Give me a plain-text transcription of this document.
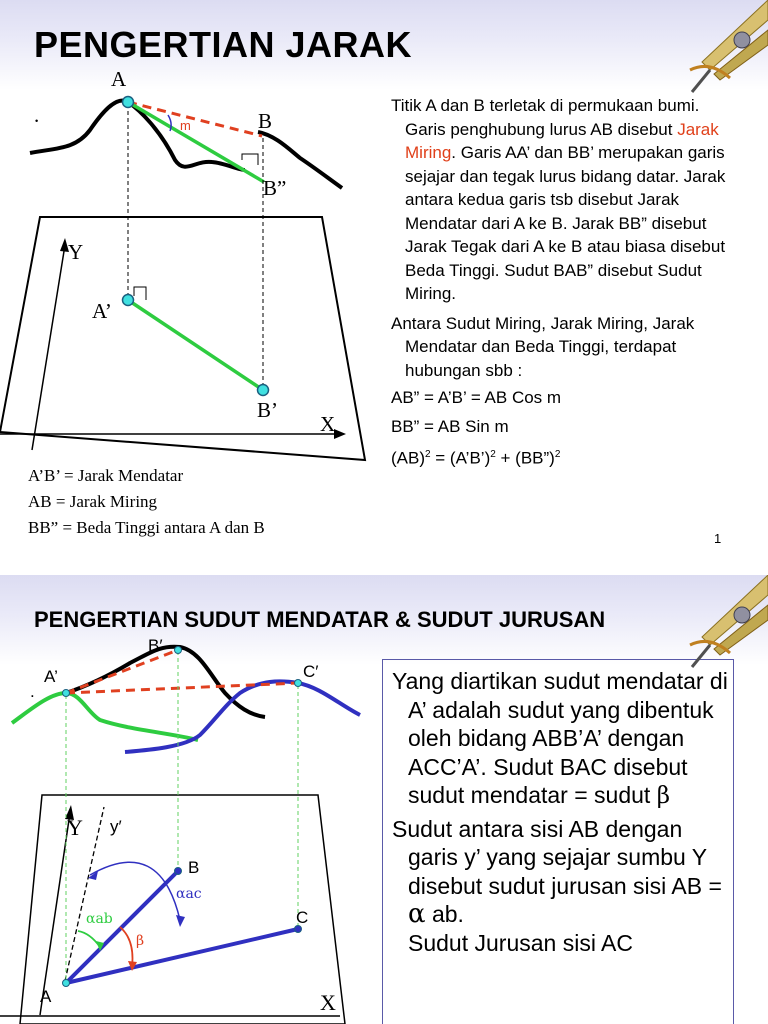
PENGERTIAN JARAK
A
B
B”
Y
A’
B’
X
.	m
A’B’ = Jarak Mendatar
AB = Jarak Miring
BB” = Beda Tinggi antara A dan B

Titik A dan B terletak di permukaan bumi. Garis penghubung lurus AB disebut Jarak Miring. Garis AA’ dan BB’ merupakan garis sejajar dan tegak lurus bidang datar. Jarak antara kedua garis tsb disebut Jarak Mendatar dari A ke B. Jarak BB” disebut Jarak Tegak dari A ke B atau biasa disebut Beda Tinggi. Sudut BAB” disebut Sudut Miring.

Antara Sudut Miring, Jarak Miring, Jarak Mendatar dan Beda Tinggi, terdapat hubungan sbb :

AB” = A’B’ = AB Cos m

BB” = AB Sin m

(AB)$^2$ = (A’B’)$^2$ + (BB”)$^2$

1
PENGERTIAN SUDUT MENDATAR & SUDUT JURUSAN
A’
B′
C′
y′
B
C
A
.
Y
X
αab
αac
β

Yang diartikan sudut mendatar di A’ adalah sudut yang dibentuk oleh bidang ABB’A’ dengan ACC’A’. Sudut BAC disebut sudut mendatar = sudut β

Sudut antara sisi AB dengan garis y’ yang sejajar sumbu Y disebut sudut jurusan sisi AB = α ab.

Sudut Jurusan sisi AC
